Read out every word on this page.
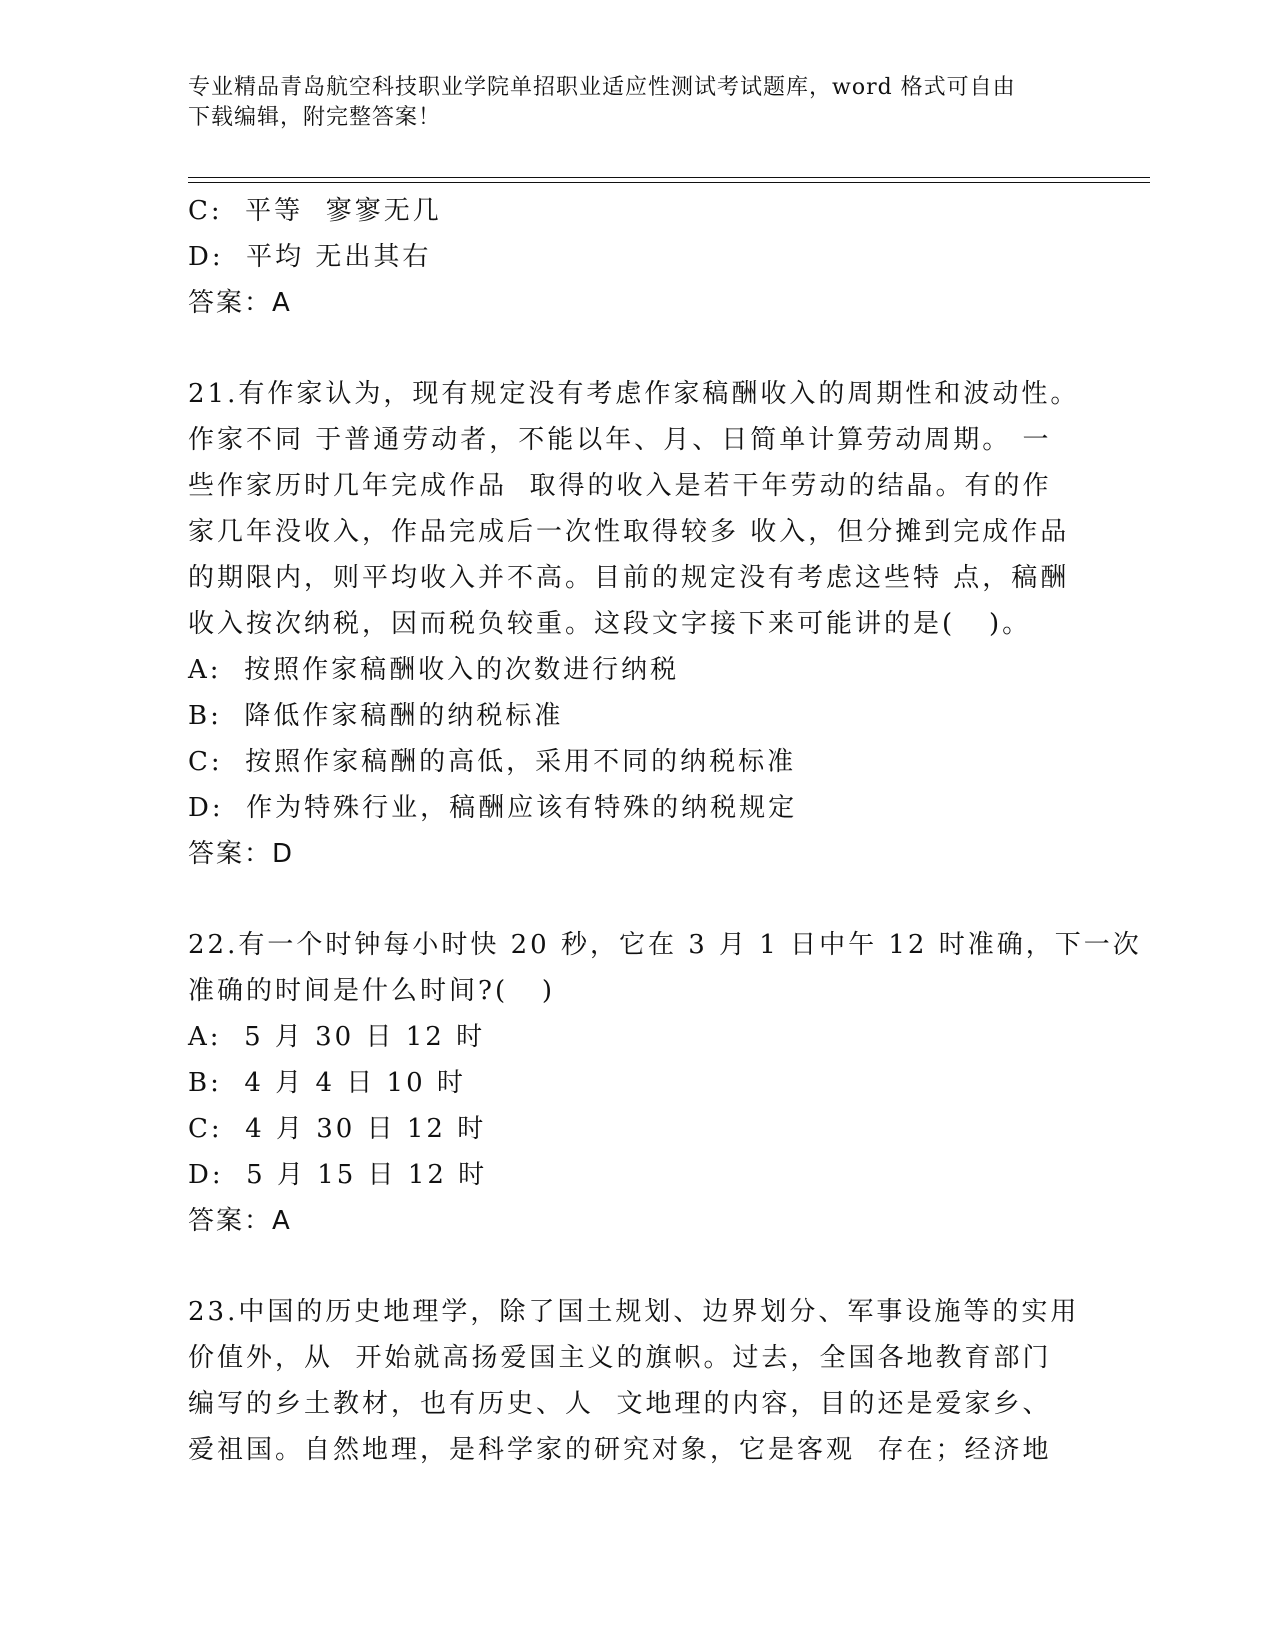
专业精品青岛航空科技职业学院单招职业适应性测试考试题库，word 格式可自由
下载编辑，附完整答案！
C:  平等  寥寥无几
D:  平均 无出其右
答案：A
21.有作家认为，现有规定没有考虑作家稿酬收入的周期性和波动性。
作家不同 于普通劳动者，不能以年、月、日简单计算劳动周期。 一
些作家历时几年完成作品  取得的收入是若干年劳动的结晶。有的作
家几年没收入，作品完成后一次性取得较多 收入，但分摊到完成作品
的期限内，则平均收入并不高。目前的规定没有考虑这些特 点，稿酬
收入按次纳税，因而税负较重。这段文字接下来可能讲的是(   )。
A:  按照作家稿酬收入的次数进行纳税
B:  降低作家稿酬的纳税标准
C:  按照作家稿酬的高低，采用不同的纳税标准
D:  作为特殊行业，稿酬应该有特殊的纳税规定
答案：D
22.有一个时钟每小时快 20 秒，它在 3 月 1 日中午 12 时准确，下一次
准确的时间是什么时间?(   )
A:  5 月 30 日 12 时
B:  4 月 4 日 10 时
C:  4 月 30 日 12 时
D:  5 月 15 日 12 时
答案：A
23.中国的历史地理学，除了国土规划、边界划分、军事设施等的实用
价值外，从  开始就高扬爱国主义的旗帜。过去，全国各地教育部门
编写的乡土教材，也有历史、人  文地理的内容，目的还是爱家乡、
爱祖国。自然地理，是科学家的研究对象，它是客观  存在；经济地
